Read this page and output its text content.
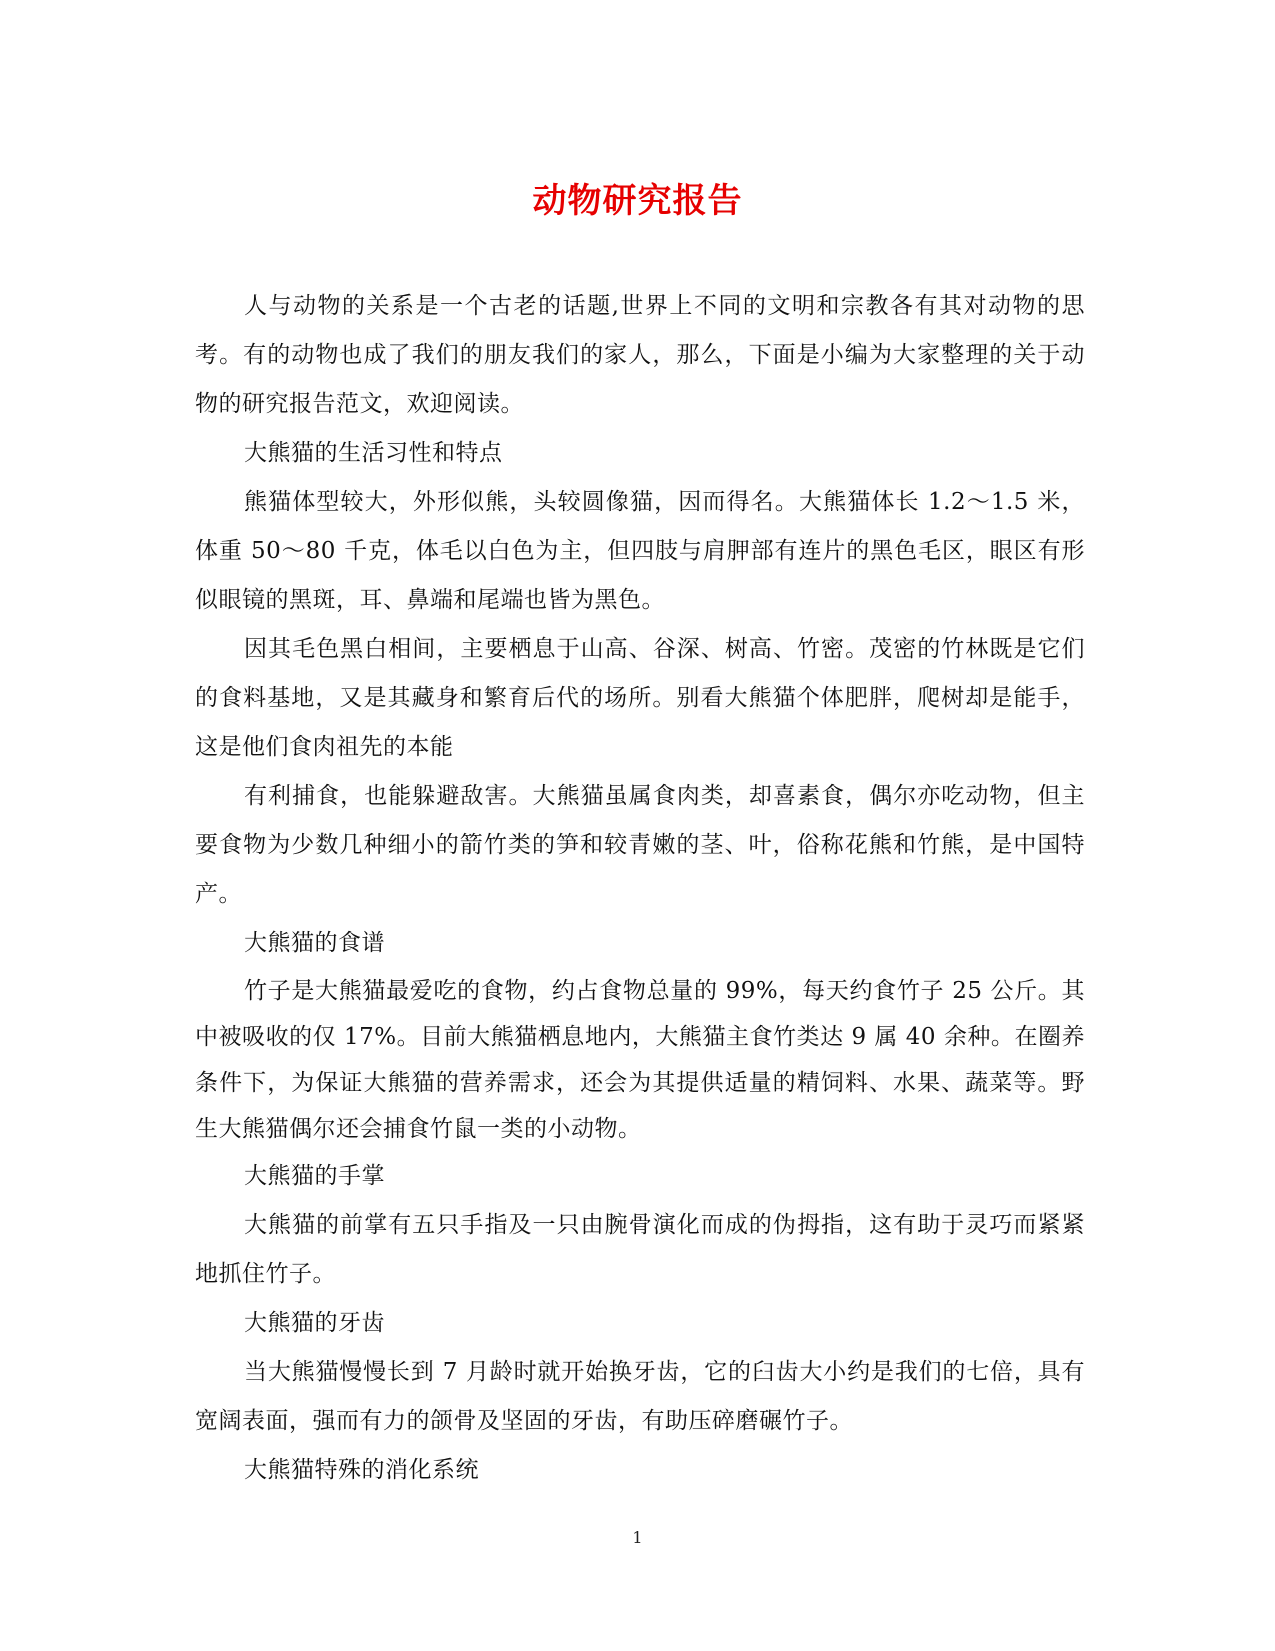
动物研究报告

人与动物的关系是一个古老的话题,世界上不同的文明和宗教各有其对动物的思考。有的动物也成了我们的朋友我们的家人，那么，下面是小编为大家整理的关于动物的研究报告范文，欢迎阅读。

大熊猫的生活习性和特点

熊猫体型较大，外形似熊，头较圆像猫，因而得名。大熊猫体长 1.2～1.5 米，体重 50～80 千克，体毛以白色为主，但四肢与肩胛部有连片的黑色毛区，眼区有形似眼镜的黑斑，耳、鼻端和尾端也皆为黑色。

因其毛色黑白相间，主要栖息于山高、谷深、树高、竹密。茂密的竹林既是它们的食料基地，又是其藏身和繁育后代的场所。别看大熊猫个体肥胖，爬树却是能手，这是他们食肉祖先的本能

有利捕食，也能躲避敌害。大熊猫虽属食肉类，却喜素食，偶尔亦吃动物，但主要食物为少数几种细小的箭竹类的笋和较青嫩的茎、叶，俗称花熊和竹熊，是中国特产。

大熊猫的食谱

竹子是大熊猫最爱吃的食物，约占食物总量的 99%，每天约食竹子 25 公斤。其中被吸收的仅 17%。目前大熊猫栖息地内，大熊猫主食竹类达 9 属 40 余种。在圈养条件下，为保证大熊猫的营养需求，还会为其提供适量的精饲料、水果、蔬菜等。野生大熊猫偶尔还会捕食竹鼠一类的小动物。

大熊猫的手掌

大熊猫的前掌有五只手指及一只由腕骨演化而成的伪拇指，这有助于灵巧而紧紧地抓住竹子。

大熊猫的牙齿

当大熊猫慢慢长到 7 月龄时就开始换牙齿，它的臼齿大小约是我们的七倍，具有宽阔表面，强而有力的颌骨及坚固的牙齿，有助压碎磨碾竹子。

大熊猫特殊的消化系统

1
